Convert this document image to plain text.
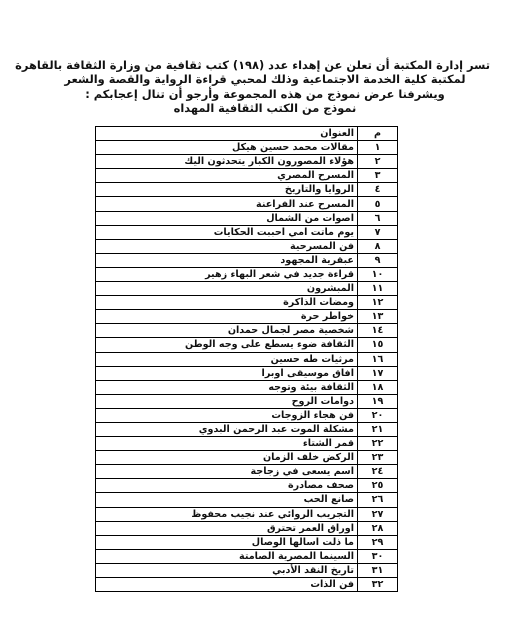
تسر إدارة المكتبة أن تعلن عن إهداء عدد (١٩٨) كتب ثقافية من وزارة الثقافة بالقاهرة
لمكتبة كلية الخدمة الاجتماعية وذلك لمحبي قراءة الرواية والقصة والشعر
ويشرفنا عرض نموذج من هذه المجموعة وأرجو أن تنال إعجابكم :
نموذج من الكتب الثقافية المهداه
م	العنوان
١	مقالات محمد حسين هيكل
٢	هؤلاء المصورون الكبار يتحدثون اليك
٣	المسرح المصري
٤	الروايا والتاريخ
٥	المسرح عند الفراعنة
٦	اصوات من الشمال
٧	يوم ماتت امي احببت الحكايات
٨	فن المسرحية
٩	عبقرية المجهود
١٠	قراءة جديد في شعر البهاء زهير
١١	المبشرون
١٢	ومضات الذاكرة
١٣	خواطر حرة
١٤	شخصية مصر لجمال حمدان
١٥	الثقافة ضوء يسطع على وجه الوطن
١٦	مرثيات طه حسين
١٧	افاق موسيقى اوبرا
١٨	الثقافة بيئة وتوجه
١٩	دوامات الروح
٢٠	فن هجاء الزوجات
٢١	مشكلة الموت عبد الرحمن البدوي
٢٢	قمر الشتاء
٢٣	الركض خلف الزمان
٢٤	اسم يسعى في زجاجة
٢٥	صحف مصادرة
٢٦	صانع الحب
٢٧	التجريب الروائي عند نجيب محفوظ
٢٨	اوراق العمر تحترق
٢٩	ما ذلت اسالها الوصال
٣٠	السينما المصرية الصامتة
٣١	تاريخ النقد الأدبي
٣٢	فن الذات
